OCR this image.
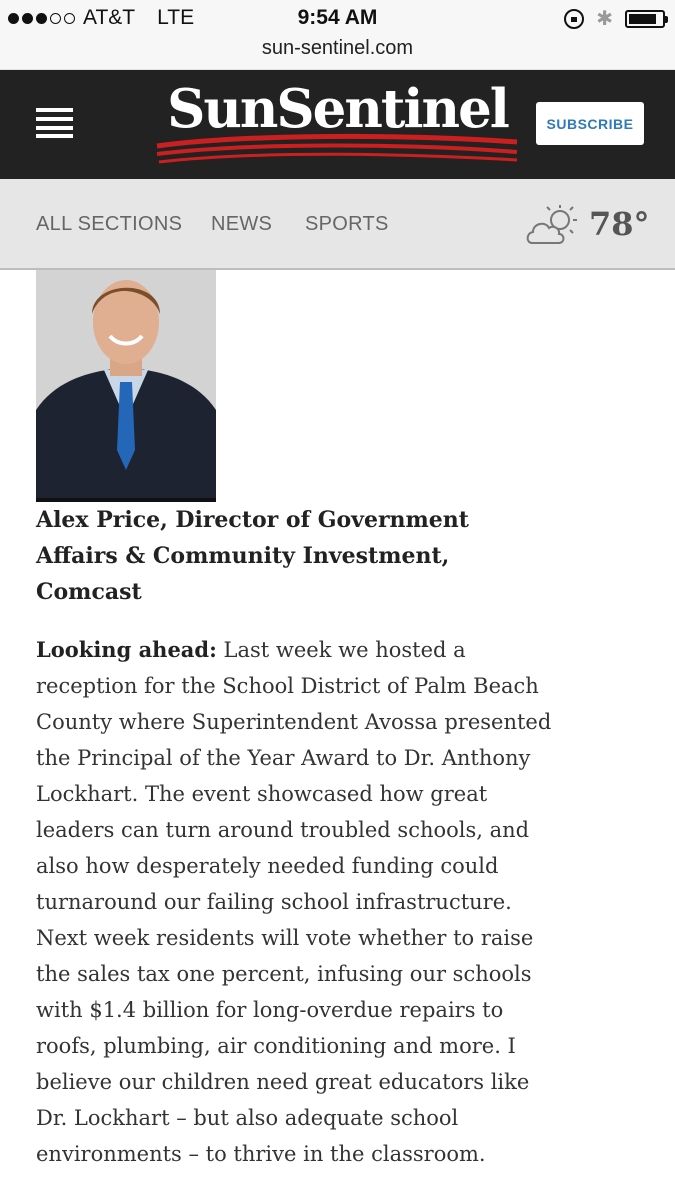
AT&T LTE	9:54 AM	✱
sun-sentinel.com
SunSentinel	SUBSCRIBE
ALL SECTIONS NEWS SPORTS	78°
Alex Price, Director of Government Affairs & Community Investment, Comcast

Looking ahead: Last week we hosted a reception for the School District of Palm Beach County where Superintendent Avossa presented the Principal of the Year Award to Dr. Anthony Lockhart. The event showcased how great leaders can turn around troubled schools, and also how desperately needed funding could turnaround our failing school infrastructure. Next week residents will vote whether to raise the sales tax one percent, infusing our schools with $1.4 billion for long-overdue repairs to roofs, plumbing, air conditioning and more. I believe our children need great educators like Dr. Lockhart – but also adequate school environments – to thrive in the classroom.
